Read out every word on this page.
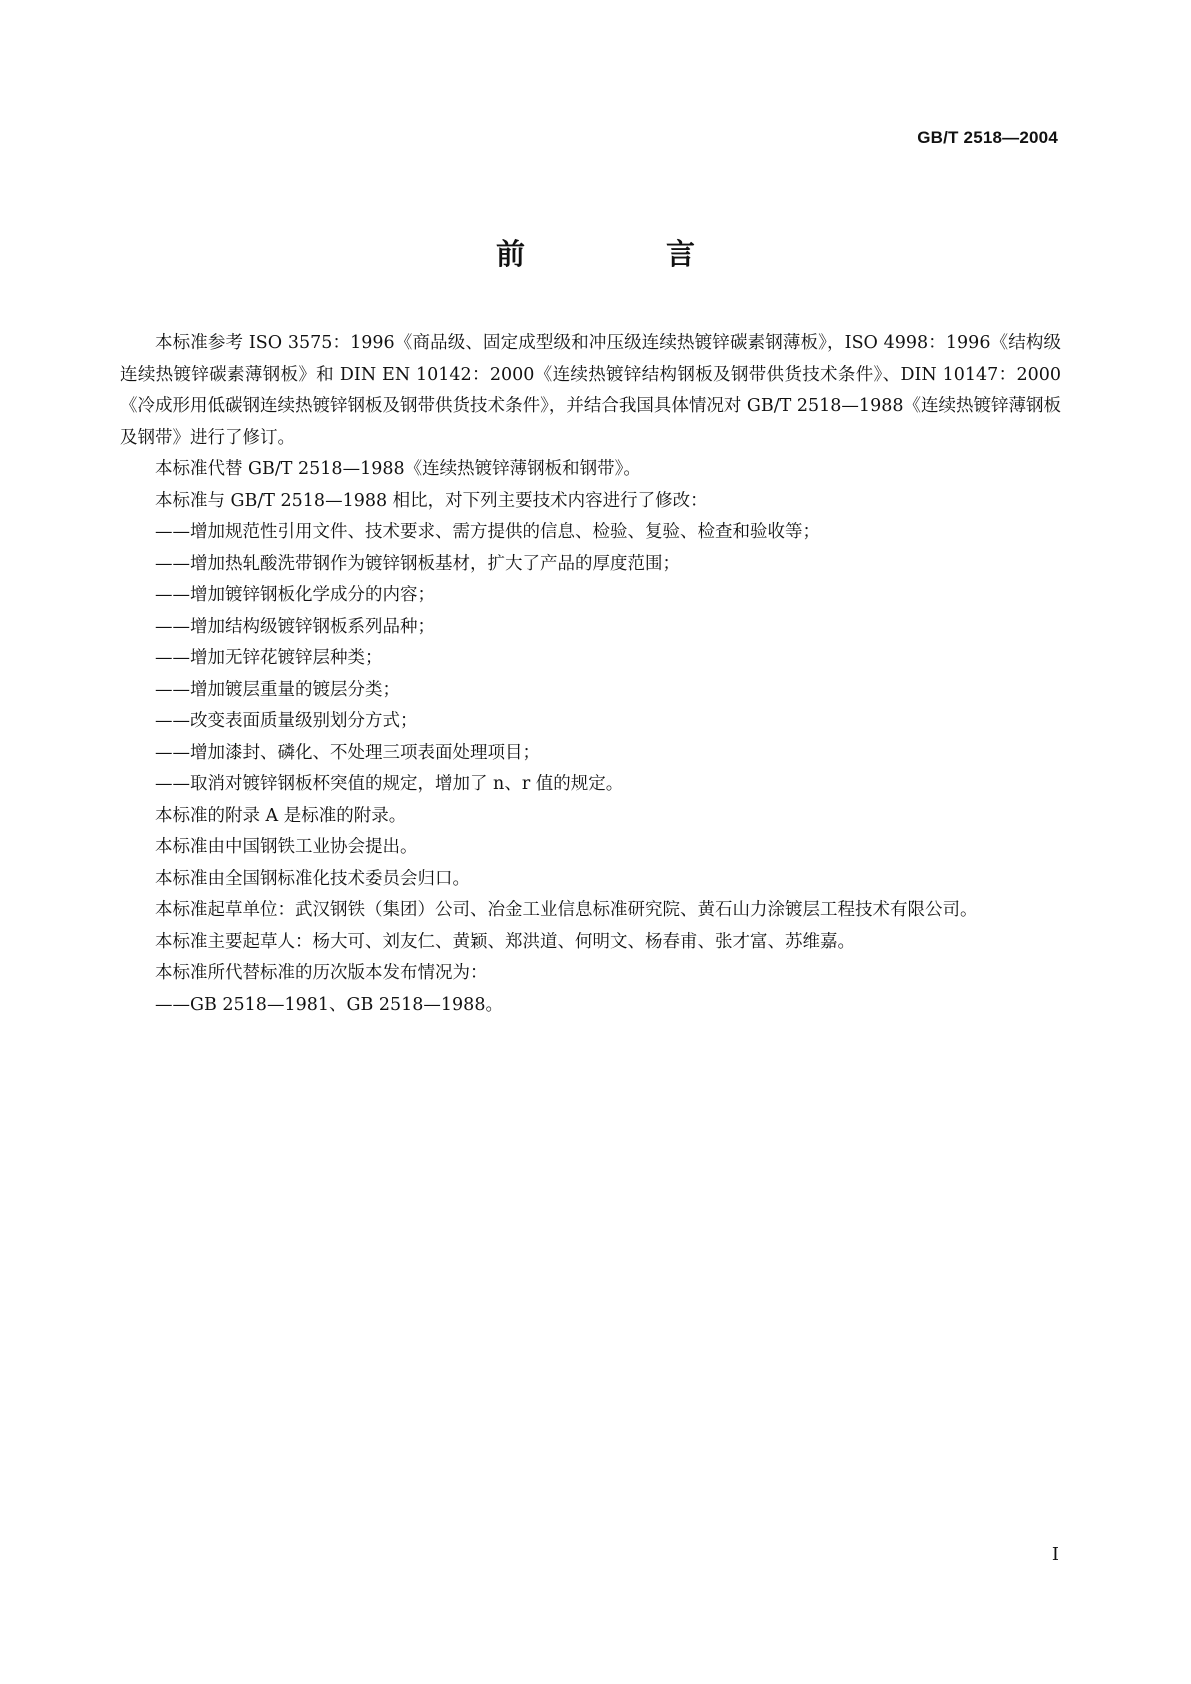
GB/T 2518—2004
前　言

本标准参考 ISO 3575：1996《商品级、固定成型级和冲压级连续热镀锌碳素钢薄板》，ISO 4998：1996《结构级连续热镀锌碳素薄钢板》和 DIN EN 10142：2000《连续热镀锌结构钢板及钢带供货技术条件》、DIN 10147：2000《冷成形用低碳钢连续热镀锌钢板及钢带供货技术条件》，并结合我国具体情况对 GB/T 2518—1988《连续热镀锌薄钢板及钢带》进行了修订。

本标准代替 GB/T 2518—1988《连续热镀锌薄钢板和钢带》。

本标准与 GB/T 2518—1988 相比，对下列主要技术内容进行了修改：

——增加规范性引用文件、技术要求、需方提供的信息、检验、复验、检查和验收等；

——增加热轧酸洗带钢作为镀锌钢板基材，扩大了产品的厚度范围；

——增加镀锌钢板化学成分的内容；

——增加结构级镀锌钢板系列品种；

——增加无锌花镀锌层种类；

——增加镀层重量的镀层分类；

——改变表面质量级别划分方式；

——增加漆封、磷化、不处理三项表面处理项目；

——取消对镀锌钢板杯突值的规定，增加了 n、r 值的规定。

本标准的附录 A 是标准的附录。

本标准由中国钢铁工业协会提出。

本标准由全国钢标准化技术委员会归口。

本标准起草单位：武汉钢铁（集团）公司、冶金工业信息标准研究院、黄石山力涂镀层工程技术有限公司。

本标准主要起草人：杨大可、刘友仁、黄颖、郑洪道、何明文、杨春甫、张才富、苏维嘉。

本标准所代替标准的历次版本发布情况为：

——GB 2518—1981、GB 2518—1988。

I
